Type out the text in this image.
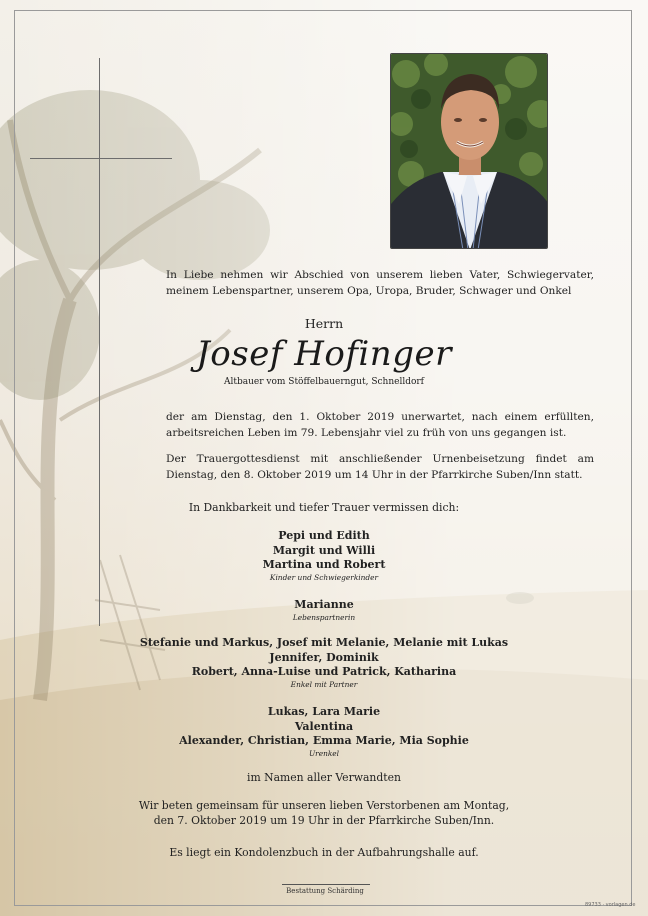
In Liebe nehmen wir Abschied von unserem lieben Vater, Schwiegervater, meinem Lebenspartner, unserem Opa, Uropa, Bruder, Schwager und Onkel
Herrn
Josef Hofinger
Altbauer vom Stöffelbauerngut, Schnelldorf
der am Dienstag, den 1. Oktober 2019 unerwartet, nach einem erfüllten, arbeitsreichen Leben im 79. Lebensjahr viel zu früh von uns gegangen ist.
Der Trauergottesdienst mit anschließender Urnenbeisetzung findet am Dienstag, den 8. Oktober 2019 um 14 Uhr in der Pfarrkirche Suben/Inn statt.
In Dankbarkeit und tiefer Trauer vermissen dich:
Pepi und Edith
Margit und Willi
Martina und Robert
Kinder und Schwiegerkinder
Marianne
Lebenspartnerin
Stefanie und Markus, Josef mit Melanie, Melanie mit Lukas
Jennifer, Dominik
Robert, Anna-Luise und Patrick, Katharina
Enkel mit Partner
Lukas, Lara Marie
Valentina
Alexander, Christian, Emma Marie, Mia Sophie
Urenkel
im Namen aller Verwandten
Wir beten gemeinsam für unseren lieben Verstorbenen am Montag,
den 7. Oktober 2019 um 19 Uhr in der Pfarrkirche Suben/Inn.
Es liegt ein Kondolenzbuch in der Aufbahrungshalle auf.
Bestattung Schärding
89733 · vorlagen.de
